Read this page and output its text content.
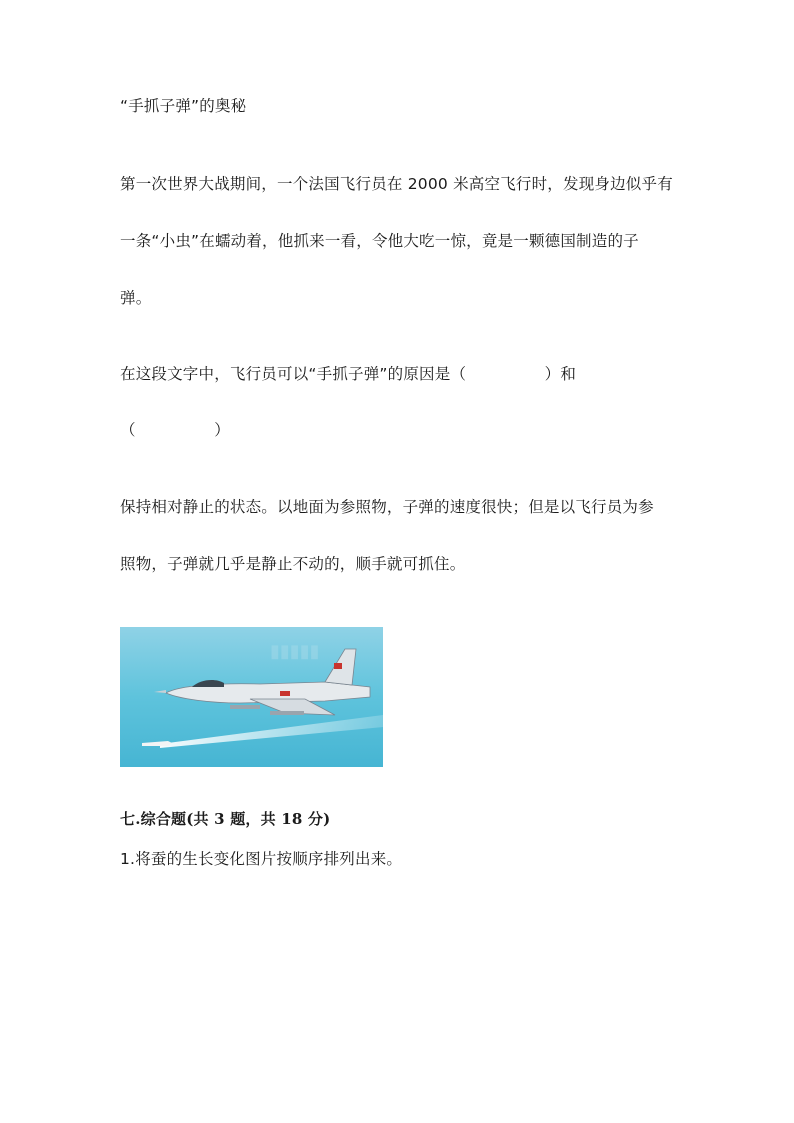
“手抓子弹”的奥秘
第一次世界大战期间，一个法国飞行员在 2000 米高空飞行时，发现身边似乎有
一条“小虫”在蠕动着，他抓来一看，令他大吃一惊，竟是一颗德国制造的子
弹。
在这段文字中，飞行员可以“手抓子弹”的原因是（　　　　　）和
（　　　　　）
保持相对静止的状态。以地面为参照物，子弹的速度很快；但是以飞行员为参
照物，子弹就几乎是静止不动的，顺手就可抓住。
▮▮▮▮▮
七.综合题(共 3 题，共 18 分)
1.将蚕的生长变化图片按顺序排列出来。
